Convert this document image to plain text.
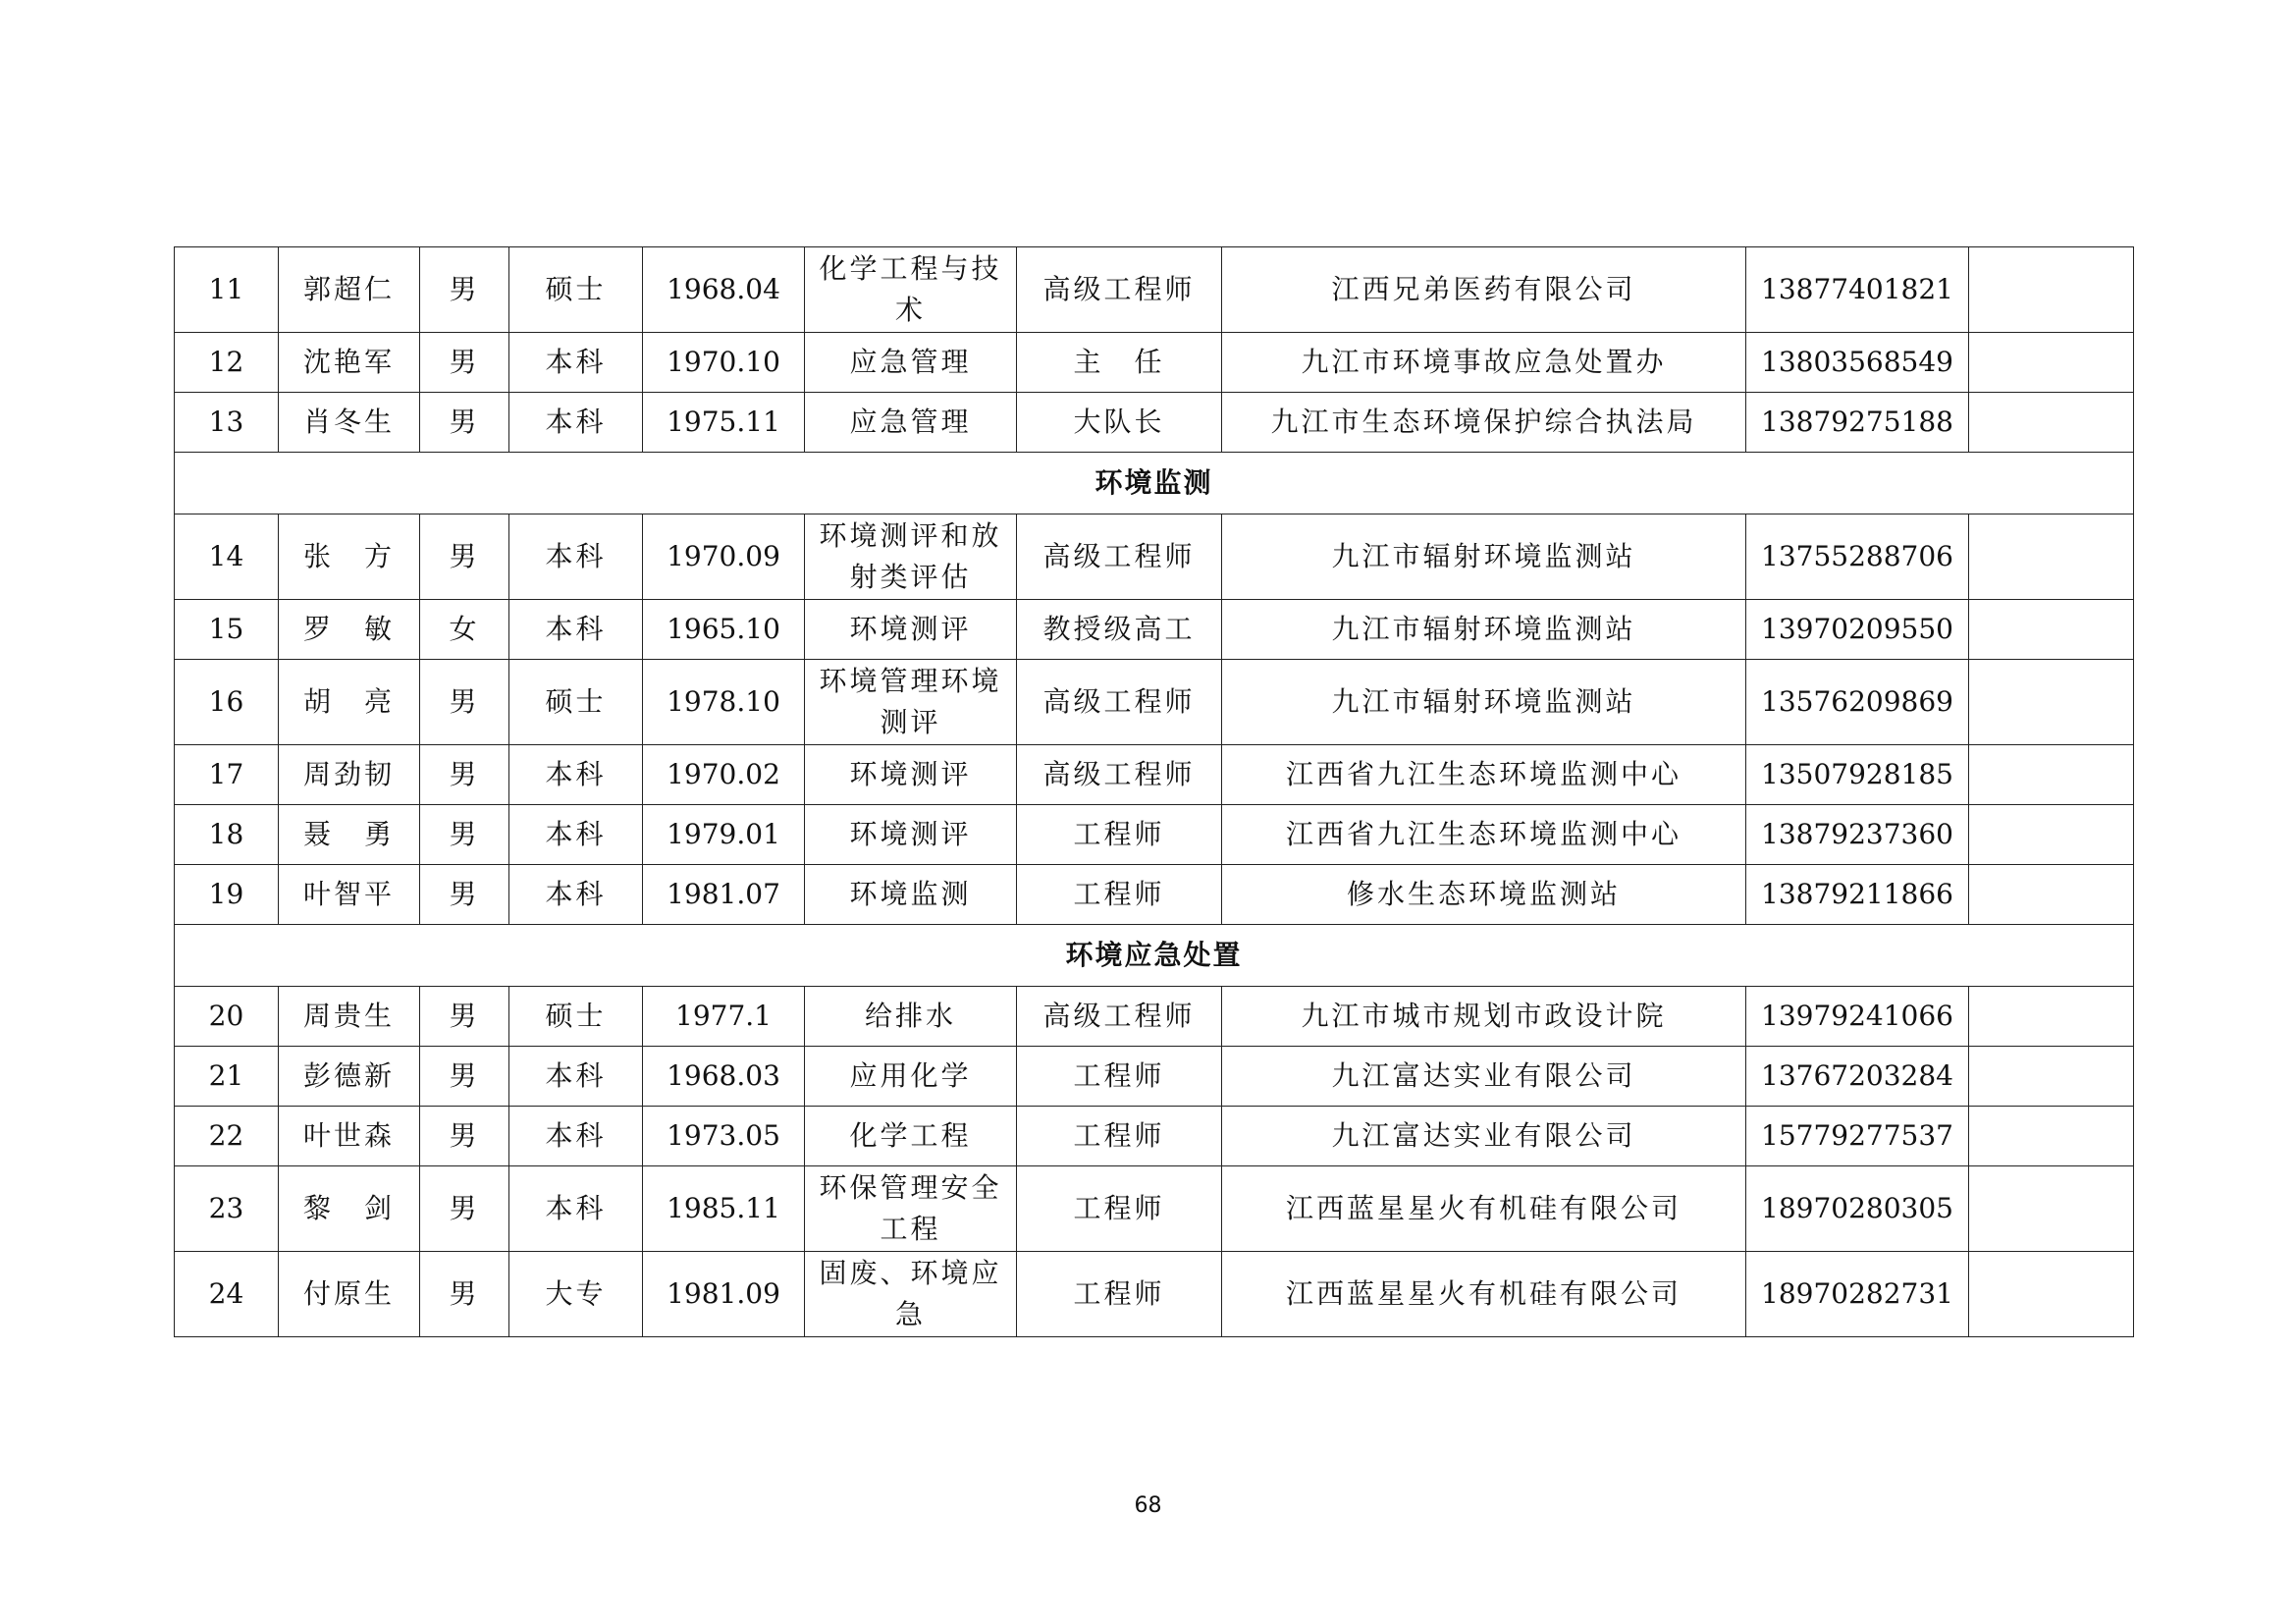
11	郭超仁	男	硕士	1968.04	化学工程与技术	高级工程师	江西兄弟医药有限公司	13877401821	
12	沈艳军	男	本科	1970.10	应急管理	主　任	九江市环境事故应急处置办	13803568549	
13	肖冬生	男	本科	1975.11	应急管理	大队长	九江市生态环境保护综合执法局	13879275188	
环境监测									
14	张　方	男	本科	1970.09	环境测评和放射类评估	高级工程师	九江市辐射环境监测站	13755288706	
15	罗　敏	女	本科	1965.10	环境测评	教授级高工	九江市辐射环境监测站	13970209550	
16	胡　亮	男	硕士	1978.10	环境管理环境测评	高级工程师	九江市辐射环境监测站	13576209869	
17	周劲韧	男	本科	1970.02	环境测评	高级工程师	江西省九江生态环境监测中心	13507928185	
18	聂　勇	男	本科	1979.01	环境测评	工程师	江西省九江生态环境监测中心	13879237360	
19	叶智平	男	本科	1981.07	环境监测	工程师	修水生态环境监测站	13879211866	
环境应急处置									
20	周贵生	男	硕士	1977.1	给排水	高级工程师	九江市城市规划市政设计院	13979241066	
21	彭德新	男	本科	1968.03	应用化学	工程师	九江富达实业有限公司	13767203284	
22	叶世森	男	本科	1973.05	化学工程	工程师	九江富达实业有限公司	15779277537	
23	黎　剑	男	本科	1985.11	环保管理安全工程	工程师	江西蓝星星火有机硅有限公司	18970280305	
24	付原生	男	大专	1981.09	固废、环境应急	工程师	江西蓝星星火有机硅有限公司	18970282731	
68
